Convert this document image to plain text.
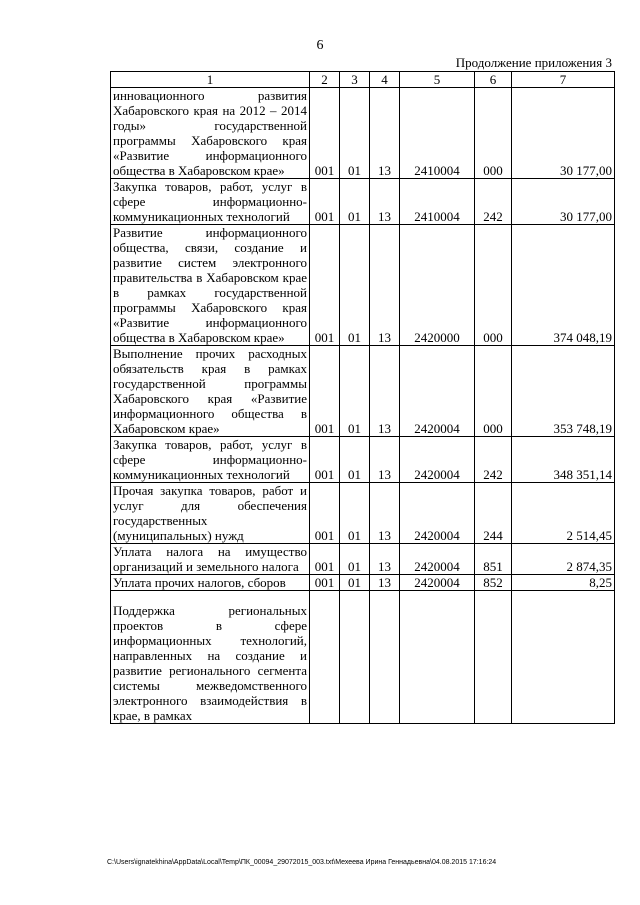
6
Продолжение приложения 3
1	2	3	4	5	6	7
инновационного развития Хабаровского края на 2012 – 2014 годы» государственной программы Хабаровского края «Развитие информационного общества в Хабаровском крае»	001	01	13	2410004	000	30 177,00
Закупка товаров, работ, услуг в сфере информационно-коммуникационных технологий	001	01	13	2410004	242	30 177,00
Развитие информационного общества, связи, создание и развитие систем электронного правительства в Хабаровском крае в рамках государственной программы Хабаровского края «Развитие информационного общества в Хабаровском крае»	001	01	13	2420000	000	374 048,19
Выполнение прочих расходных обязательств края в рамках государственной программы Хабаровского края «Развитие информационного общества в Хабаровском крае»	001	01	13	2420004	000	353 748,19
Закупка товаров, работ, услуг в сфере информационно-коммуникационных технологий	001	01	13	2420004	242	348 351,14
Прочая закупка товаров, работ и услуг для обеспечения государственных (муниципальных) нужд	001	01	13	2420004	244	2 514,45
Уплата налога на имущество организаций и земельного налога	001	01	13	2420004	851	2 874,35
Уплата прочих налогов, сборов	001	01	13	2420004	852	8,25
Поддержка региональных проектов в сфере информационных технологий, направленных на создание и развитие регионального сегмента системы межведомственного электронного взаимодействия в крае, в рамках						
C:\Users\ignatekhina\AppData\Local\Temp\ПК_00094_29072015_003.txt\Мехеева Ирина Геннадьевна\04.08.2015 17:16:24
